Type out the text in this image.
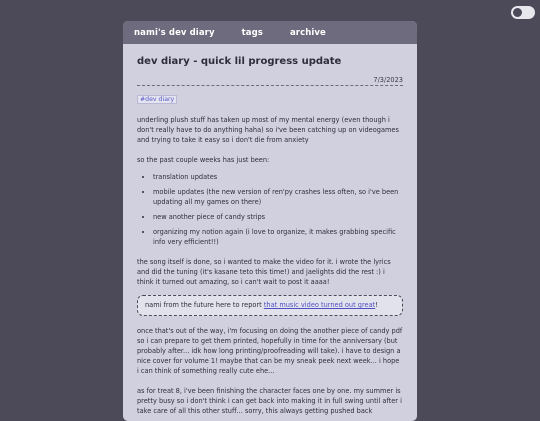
nami's dev diary	tags	archive
dev diary - quick lil progress update
7/3/2023
#dev diary

underling plush stuff has taken up most of my mental energy (even though i don't really have to do anything haha) so i've been catching up on videogames and trying to take it easy so i don't die from anxiety

so the past couple weeks has just been:

• translation updates
• mobile updates (the new version of ren'py crashes less often, so i've been updating all my games on there)
• new another piece of candy strips
• organizing my notion again (i love to organize, it makes grabbing specific info very efficient!!)

the song itself is done, so i wanted to make the video for it. i wrote the lyrics and did the tuning (it's kasane teto this time!) and jaelights did the rest :) i think it turned out amazing, so i can't wait to post it aaaa!

nami from the future here to report that music video turned out great!

once that's out of the way, i'm focusing on doing the another piece of candy pdf so i can prepare to get them printed, hopefully in time for the anniversary (but probably after... idk how long printing/proofreading will take). i have to design a nice cover for volume 1! maybe that can be my sneak peek next week... i hope i can think of something really cute ehe...

as for treat 8, i've been finishing the character faces one by one. my summer is pretty busy so i don't think i can get back into making it in full swing until after i take care of all this other stuff... sorry, this always getting pushed back
